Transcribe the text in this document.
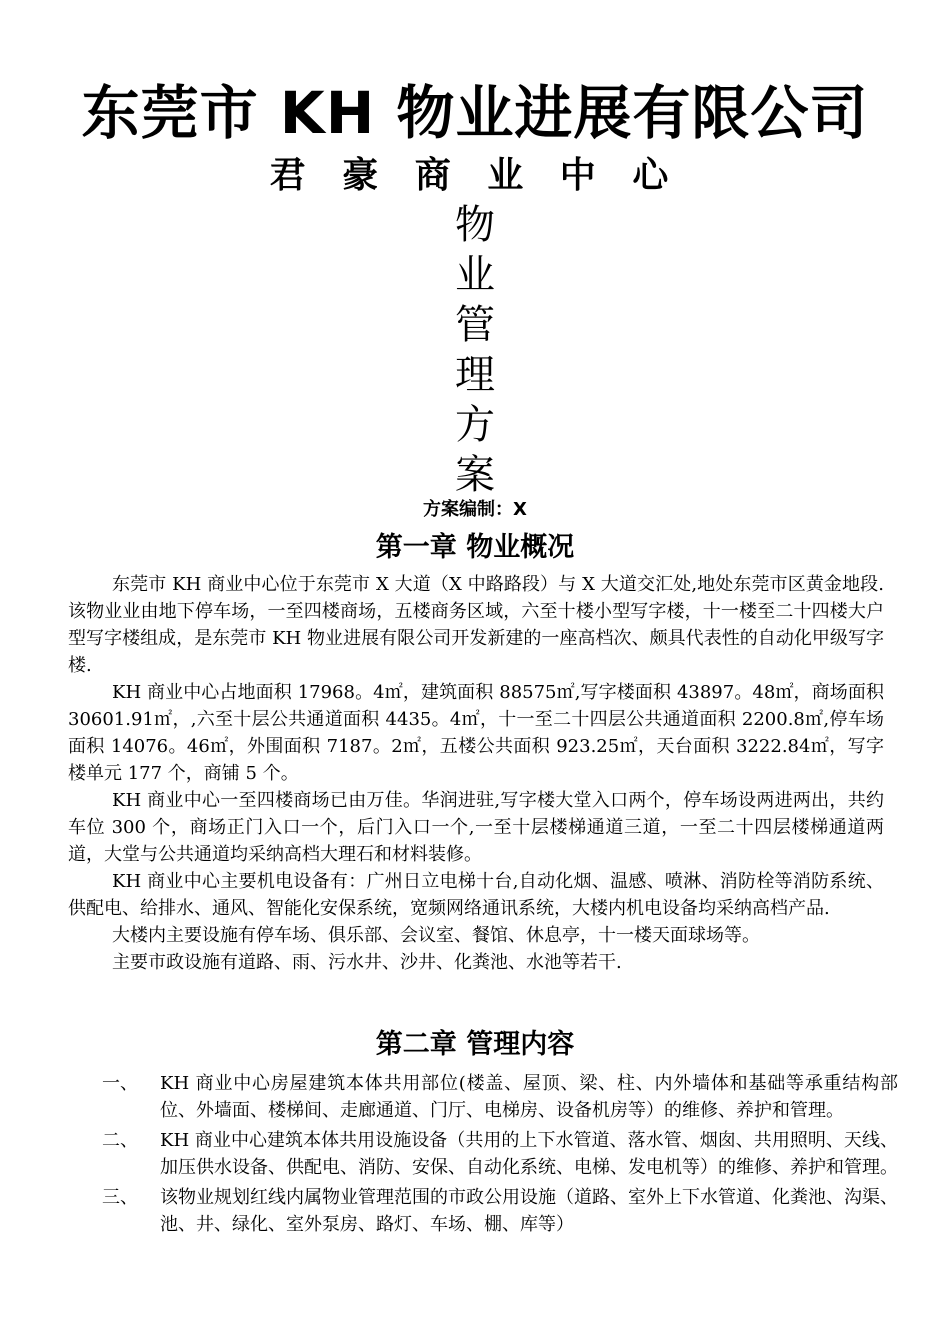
东莞市 KH 物业进展有限公司
君 豪 商 业 中 心
物
业
管
理
方
案
方案编制：X
第一章 物业概况

东莞市 KH 商业中心位于东莞市 X 大道（X 中路路段）与 X 大道交汇处,地处东莞市区黄金地段.该物业业由地下停车场，一至四楼商场，五楼商务区域，六至十楼小型写字楼，十一楼至二十四楼大户型写字楼组成，是东莞市 KH 物业进展有限公司开发新建的一座高档次、颇具代表性的自动化甲级写字楼.

KH 商业中心占地面积 17968。4㎡，建筑面积 88575㎡,写字楼面积 43897。48㎡，商场面积 30601.91㎡，,六至十层公共通道面积 4435。4㎡，十一至二十四层公共通道面积 2200.8㎡,停车场面积 14076。46㎡，外围面积 7187。2㎡，五楼公共面积 923.25㎡，天台面积 3222.84㎡，写字楼单元 177 个，商铺 5 个。

KH 商业中心一至四楼商场已由万佳。华润进驻,写字楼大堂入口两个，停车场设两进两出，共约车位 300 个，商场正门入口一个，后门入口一个,一至十层楼梯通道三道，一至二十四层楼梯通道两道，大堂与公共通道均采纳高档大理石和材料装修。

KH 商业中心主要机电设备有：广州日立电梯十台,自动化烟、温感、喷淋、消防栓等消防系统、供配电、给排水、通风、智能化安保系统，宽频网络通讯系统，大楼内机电设备均采纳高档产品.

大楼内主要设施有停车场、俱乐部、会议室、餐馆、休息亭，十一楼天面球场等。

主要市政设施有道路、雨、污水井、沙井、化粪池、水池等若干.

第二章 管理内容
一、	KH 商业中心房屋建筑本体共用部位(楼盖、屋顶、梁、柱、内外墙体和基础等承重结构部位、外墙面、楼梯间、走廊通道、门厅、电梯房、设备机房等）的维修、养护和管理。
二、	KH 商业中心建筑本体共用设施设备（共用的上下水管道、落水管、烟囱、共用照明、天线、加压供水设备、供配电、消防、安保、自动化系统、电梯、发电机等）的维修、养护和管理。
三、	该物业规划红线内属物业管理范围的市政公用设施（道路、室外上下水管道、化粪池、沟渠、池、井、绿化、室外泵房、路灯、车场、棚、库等）
